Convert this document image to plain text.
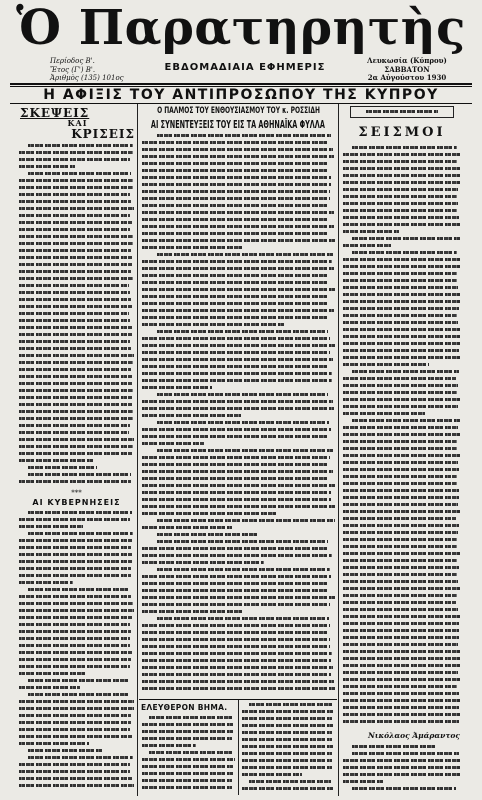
Ὁ Παρατηρητὴς
Περίοδος Β'.
Ἔτος (Γ') Β'.
Ἀριθμὸς (135) 101ος
ΕΒΔΟΜΑΔΙΑΙΑ ΕΦΗΜΕΡΙΣ
Λευκωσία (Κύπρου)
ΣΑΒΒΑΤΟΝ
2α Αὐγούστου 1930
Η ΑΦΙΞΙΣ ΤΟΥ ΑΝΤΙΠΡΟΣΩΠΟΥ ΤΗΣ ΚΥΠΡΟΥ
ΣΚΕΨΕΙΣ
ΚΑΙ
ΚΡΙΣΕΙΣ
***
ΑΙ ΚΥΒΕΡΝΗΣΕΙΣ
Ο ΠΑΛΜΟΣ ΤΟΥ ΕΝΘΟΥΣΙΑΣΜΟΥ ΤΟΥ κ. ΡΟΣΣΙΔΗ
ΑΙ ΣΥΝΕΝΤΕΥΞΕΙΣ ΤΟΥ ΕΙΣ ΤΑ ΑΘΗΝΑΪΚΑ ΦΥΛΛΑ
ΕΛΕΥΘΕΡΟΝ ΒΗΜΑ.
ΣΕΙΣΜΟΙ
Νικόλαος Ἀμάραντος
